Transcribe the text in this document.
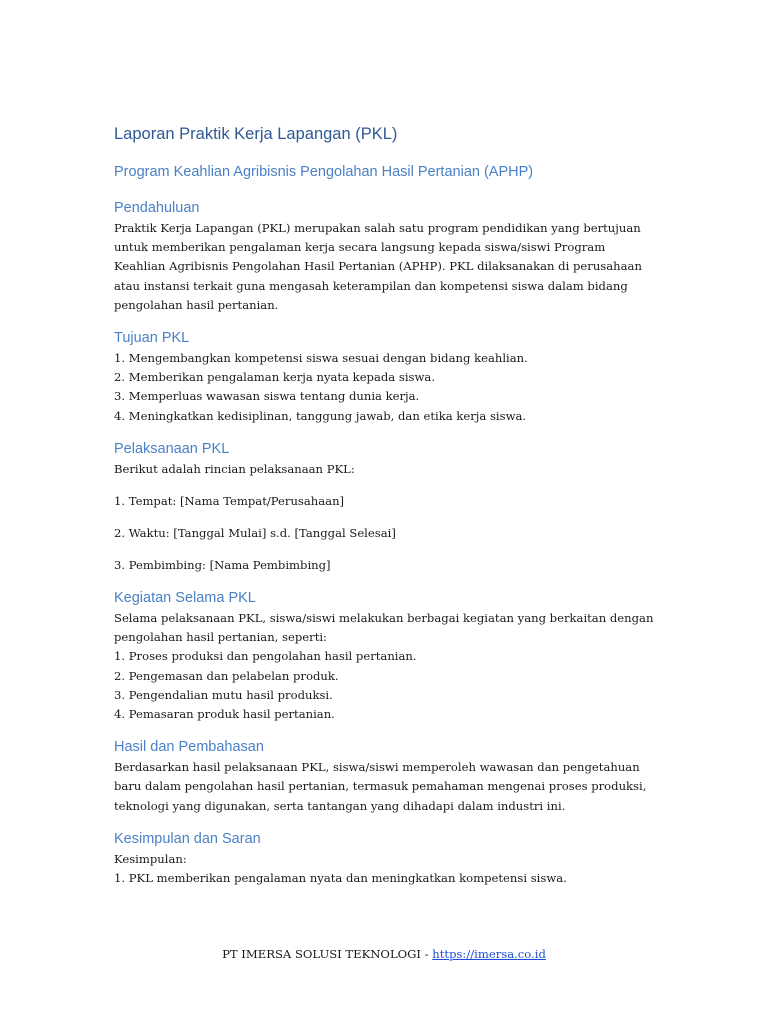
Laporan Praktik Kerja Lapangan (PKL)
Program Keahlian Agribisnis Pengolahan Hasil Pertanian (APHP)
Pendahuluan

Praktik Kerja Lapangan (PKL) merupakan salah satu program pendidikan yang bertujuan untuk memberikan pengalaman kerja secara langsung kepada siswa/siswi Program Keahlian Agribisnis Pengolahan Hasil Pertanian (APHP). PKL dilaksanakan di perusahaan atau instansi terkait guna mengasah keterampilan dan kompetensi siswa dalam bidang pengolahan hasil pertanian.

Tujuan PKL
1. Mengembangkan kompetensi siswa sesuai dengan bidang keahlian.
2. Memberikan pengalaman kerja nyata kepada siswa.
3. Memperluas wawasan siswa tentang dunia kerja.
4. Meningkatkan kedisiplinan, tanggung jawab, dan etika kerja siswa.
Pelaksanaan PKL
Berikut adalah rincian pelaksanaan PKL:
1. Tempat: [Nama Tempat/Perusahaan]
2. Waktu: [Tanggal Mulai] s.d. [Tanggal Selesai]
3. Pembimbing: [Nama Pembimbing]
Kegiatan Selama PKL

Selama pelaksanaan PKL, siswa/siswi melakukan berbagai kegiatan yang berkaitan dengan pengolahan hasil pertanian, seperti:

1. Proses produksi dan pengolahan hasil pertanian.
2. Pengemasan dan pelabelan produk.
3. Pengendalian mutu hasil produksi.
4. Pemasaran produk hasil pertanian.
Hasil dan Pembahasan

Berdasarkan hasil pelaksanaan PKL, siswa/siswi memperoleh wawasan dan pengetahuan baru dalam pengolahan hasil pertanian, termasuk pemahaman mengenai proses produksi, teknologi yang digunakan, serta tantangan yang dihadapi dalam industri ini.

Kesimpulan dan Saran
Kesimpulan:
1. PKL memberikan pengalaman nyata dan meningkatkan kompetensi siswa.
PT IMERSA SOLUSI TEKNOLOGI - https://imersa.co.id
